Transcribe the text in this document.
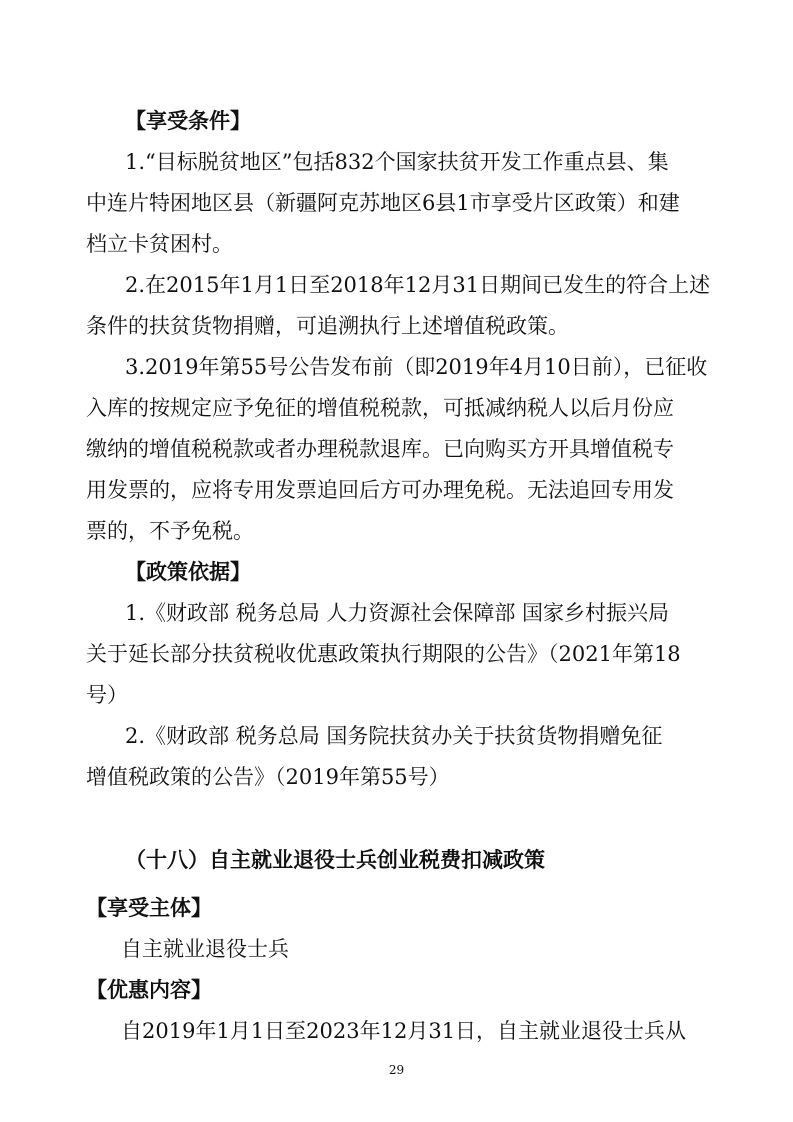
【享受条件】
1.“目标脱贫地区”包括832个国家扶贫开发工作重点县、集
中连片特困地区县（新疆阿克苏地区6县1市享受片区政策）和建
档立卡贫困村。
2.在2015年1月1日至2018年12月31日期间已发生的符合上述
条件的扶贫货物捐赠，可追溯执行上述增值税政策。
3.2019年第55号公告发布前（即2019年4月10日前），已征收
入库的按规定应予免征的增值税税款，可抵减纳税人以后月份应
缴纳的增值税税款或者办理税款退库。已向购买方开具增值税专
用发票的，应将专用发票追回后方可办理免税。无法追回专用发
票的，不予免税。
【政策依据】
1.《财政部 税务总局 人力资源社会保障部 国家乡村振兴局
关于延长部分扶贫税收优惠政策执行期限的公告》（2021年第18
号）
2.《财政部 税务总局 国务院扶贫办关于扶贫货物捐赠免征
增值税政策的公告》（2019年第55号）
（十八）自主就业退役士兵创业税费扣减政策
【享受主体】
自主就业退役士兵
【优惠内容】
自2019年1月1日至2023年12月31日，自主就业退役士兵从
29
